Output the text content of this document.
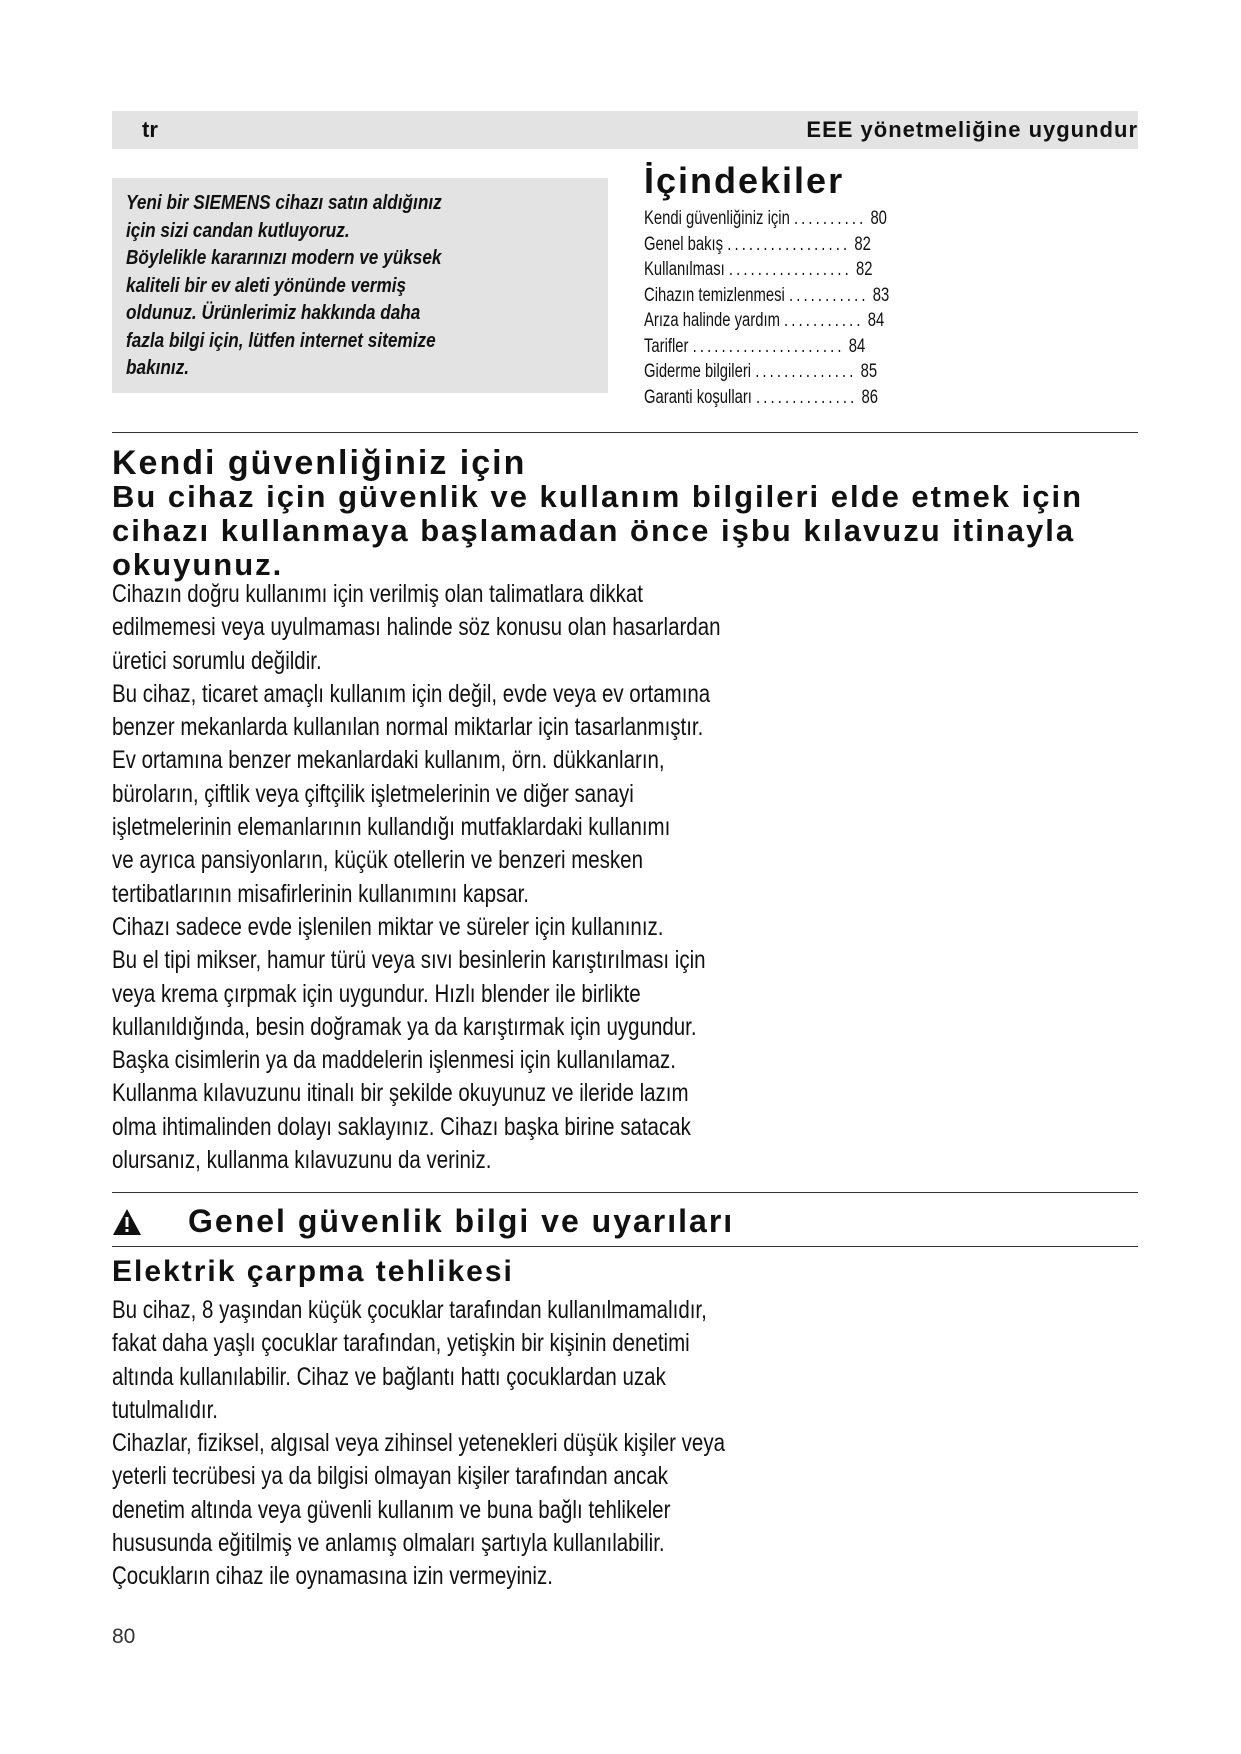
tr	EEE yönetmeliğine uygundur
Yeni bir SIEMENS cihazı satın aldığınız
için sizi candan kutluyoruz.
Böylelikle kararınızı modern ve yüksek
kaliteli bir ev aleti yönünde vermiş
oldunuz. Ürünlerimiz hakkında daha
fazla bilgi için, lütfen internet sitemize
bakınız.
İçindekiler
Kendi güvenliğiniz için .......... 80
Genel bakış ................. 82
Kullanılması ................. 82
Cihazın temizlenmesi ........... 83
Arıza halinde yardım ........... 84
Tarifler ..................... 84
Giderme bilgileri .............. 85
Garanti koşulları .............. 86
Kendi güvenliğiniz için

Bu cihaz için güvenlik ve kullanım bilgileri elde etmek için
cihazı kullanmaya başlamadan önce işbu kılavuzu itinayla
okuyunuz.

Cihazın doğru kullanımı için verilmiş olan talimatlara dikkat
edilmemesi veya uyulmaması halinde söz konusu olan hasarlardan
üretici sorumlu değildir.
Bu cihaz, ticaret amaçlı kullanım için değil, evde veya ev ortamına
benzer mekanlarda kullanılan normal miktarlar için tasarlanmıştır.
Ev ortamına benzer mekanlardaki kullanım, örn. dükkanların,
büroların, çiftlik veya çiftçilik işletmelerinin ve diğer sanayi
işletmelerinin elemanlarının kullandığı mutfaklardaki kullanımı
ve ayrıca pansiyonların, küçük otellerin ve benzeri mesken
tertibatlarının misafirlerinin kullanımını kapsar.
Cihazı sadece evde işlenilen miktar ve süreler için kullanınız.
Bu el tipi mikser, hamur türü veya sıvı besinlerin karıştırılması için
veya krema çırpmak için uygundur. Hızlı blender ile birlikte
kullanıldığında, besin doğramak ya da karıştırmak için uygundur.
Başka cisimlerin ya da maddelerin işlenmesi için kullanılamaz.
Kullanma kılavuzunu itinalı bir şekilde okuyunuz ve ileride lazım
olma ihtimalinden dolayı saklayınız. Cihazı başka birine satacak
olursanız, kullanma kılavuzunu da veriniz.
Genel güvenlik bilgi ve uyarıları
Elektrik çarpma tehlikesi
Bu cihaz, 8 yaşından küçük çocuklar tarafından kullanılmamalıdır,
fakat daha yaşlı çocuklar tarafından, yetişkin bir kişinin denetimi
altında kullanılabilir. Cihaz ve bağlantı hattı çocuklardan uzak
tutulmalıdır.
Cihazlar, fiziksel, algısal veya zihinsel yetenekleri düşük kişiler veya
yeterli tecrübesi ya da bilgisi olmayan kişiler tarafından ancak
denetim altında veya güvenli kullanım ve buna bağlı tehlikeler
hususunda eğitilmiş ve anlamış olmaları şartıyla kullanılabilir.
Çocukların cihaz ile oynamasına izin vermeyiniz.
80
